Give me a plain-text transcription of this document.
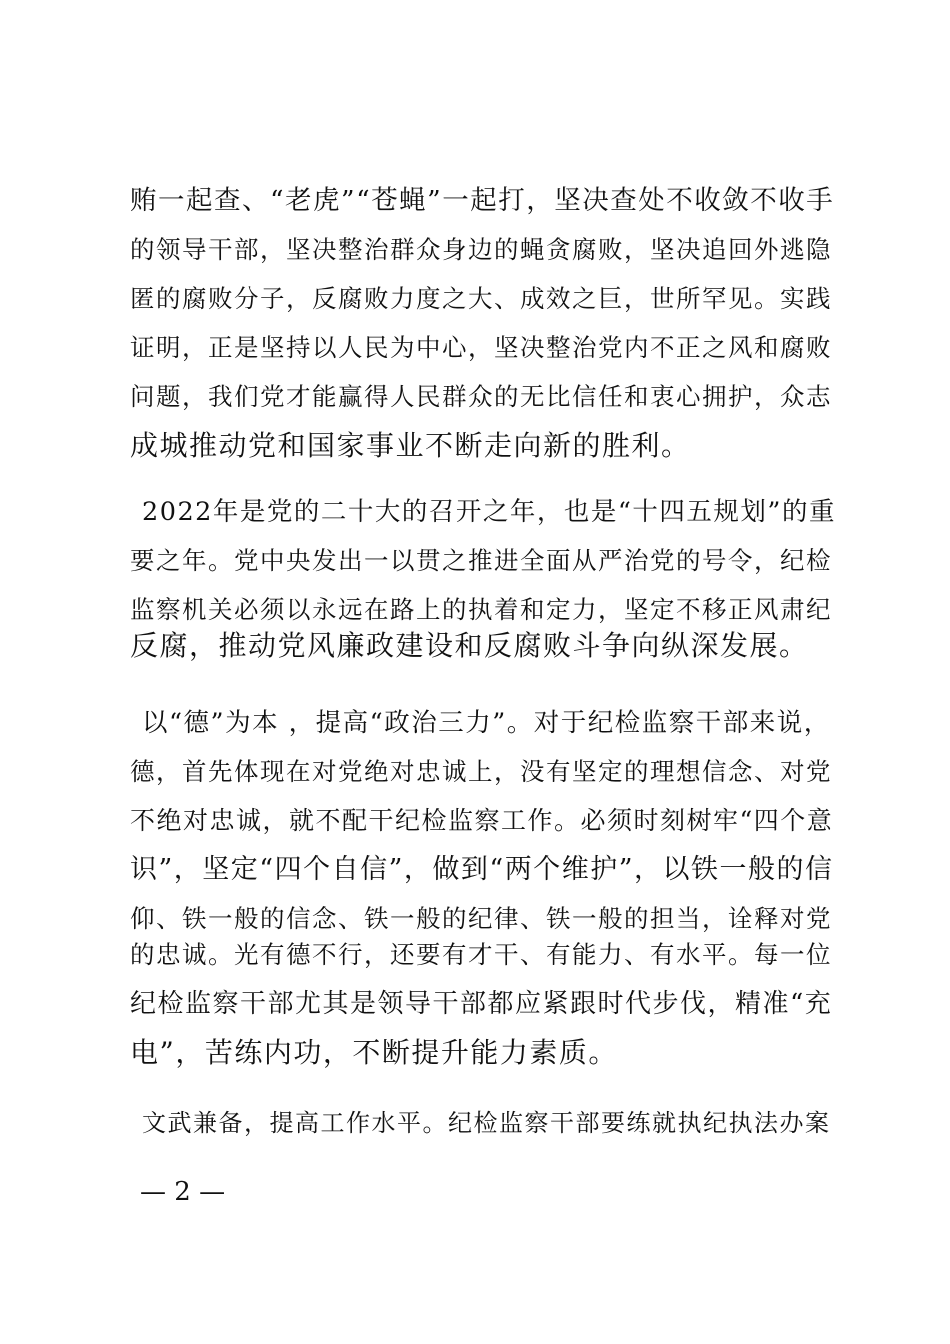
贿一起查、“老虎”“苍蝇”一起打，坚决查处不收敛不收手
的领导干部，坚决整治群众身边的蝇贪腐败，坚决追回外逃隐
匿的腐败分子，反腐败力度之大、成效之巨，世所罕见。实践
证明，正是坚持以人民为中心，坚决整治党内不正之风和腐败
问题，我们党才能赢得人民群众的无比信任和衷心拥护，众志
成城推动党和国家事业不断走向新的胜利。
2022年是党的二十大的召开之年，也是“十四五规划”的重
要之年。党中央发出一以贯之推进全面从严治党的号令，纪检
监察机关必须以永远在路上的执着和定力，坚定不移正风肃纪
反腐，推动党风廉政建设和反腐败斗争向纵深发展。
以“德”为本 ，提高“政治三力”。对于纪检监察干部来说，
德，首先体现在对党绝对忠诚上，没有坚定的理想信念、对党
不绝对忠诚，就不配干纪检监察工作。必须时刻树牢“四个意
识”，坚定“四个自信”，做到“两个维护”，以铁一般的信
仰、铁一般的信念、铁一般的纪律、铁一般的担当，诠释对党
的忠诚。光有德不行，还要有才干、有能力、有水平。每一位
纪检监察干部尤其是领导干部都应紧跟时代步伐，精准“充
电”，苦练内功，不断提升能力素质。
文武兼备，提高工作水平。纪检监察干部要练就执纪执法办案
— 2 —
